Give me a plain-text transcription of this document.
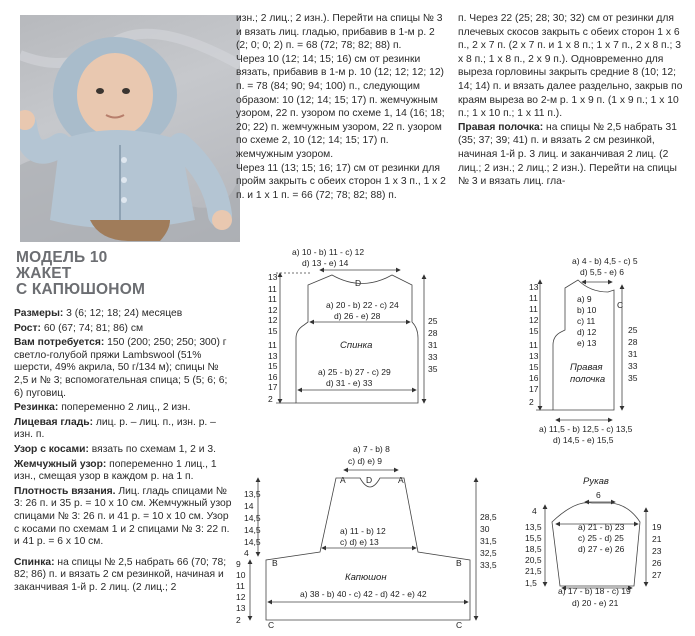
МОДЕЛЬ 10
ЖАКЕТ
С КАПЮШОНОМ

Размеры: 3 (6; 12; 18; 24) месяцев

Рост: 60 (67; 74; 81; 86) см

Вам потребуется: 150 (200; 250; 250; 300) г светло-голубой пряжи Lambswool (51% шерсти, 49% акрила, 50 г/134 м); спицы № 2,5 и № 3; вспомогательная спица; 5 (5; 6; 6; 6) пуговиц.

Резинка: попеременно 2 лиц., 2 изн.

Лицевая гладь: лиц. р. – лиц. п., изн. р. – изн. п.

Узор с косами: вязать по схемам 1, 2 и 3.

Жемчужный узор: попеременно 1 лиц., 1 изн., смещая узор в каждом р. на 1 п.

Плотность вязания. Лиц. гладь спицами № 3: 26 п. и 35 р. = 10 х 10 см. Жемчужный узор спицами № 3: 26 п. и 41 р. = 10 х 10 см. Узор с косами по схемам 1 и 2 спицами № 3: 22 п. и 41 р. = 6 х 10 см.

Спинка: на спицы № 2,5 набрать 66 (70; 78; 82; 86) п. и вязать 2 см резинкой, начиная и заканчивая 1-й р. 2 лиц. (2 лиц.; 2

изн.; 2 лиц.; 2 изн.). Перейти на спицы № 3 и вязать лиц. гладью, прибавив в 1-м р. 2 (2; 0; 0; 2) п. = 68 (72; 78; 82; 88) п.
Через 10 (12; 14; 15; 16) см от резинки вязать, прибавив в 1-м р. 10 (12; 12; 12; 12) п. = 78 (84; 90; 94; 100) п., следующим образом: 10 (12; 14; 15; 17) п. жемчужным узором, 22 п. узором по схеме 1, 14 (16; 18; 20; 22) п. жемчужным узором, 22 п. узором по схеме 2, 10 (12; 14; 15; 17) п. жемчужным узором.
Через 11 (13; 15; 16; 17) см от резинки для пройм закрыть с обеих сторон 1 х 3 п., 1 х 2 п. и 1 х 1 п. = 66 (72; 78; 82; 88) п.

п. Через 22 (25; 28; 30; 32) см от резинки для плечевых скосов закрыть с обеих сторон 1 х 6 п., 2 х 7 п. (2 х 7 п. и 1 х 8 п.; 1 х 7 п., 2 х 8 п.; 3 х 8 п.; 1 х 8 п., 2 х 9 п.). Одновременно для выреза горловины закрыть средние 8 (10; 12; 14; 14) п. и вязать далее раздельно, закрыв по краям выреза во 2-м р. 1 х 9 п. (1 х 9 п.; 1 х 10 п.; 1 х 10 п.; 1 х 11 п.).

Правая полочка: на спицы № 2,5 набрать 31 (35; 37; 39; 41) п. и вязать 2 см резинкой, начиная 1-й р. 3 лиц. и заканчивая 2 лиц. (2 лиц.; 2 изн.; 2 лиц.; 2 изн.). Перейти на спицы № 3 и вязать лиц. гла-

a) 10 - b) 11 - c) 12
d) 13 - e) 14
D
a) 20 - b) 22 - c) 24
d) 26 - e) 28
Спинка
a) 25 - b) 27 - c) 29
d) 31 - e) 33
13
11
11
12
12
15
11
13
15
16
17
2
25
28
31
33
35
a) 4 - b) 4,5 - c) 5
d) 5,5 - e) 6
C
a) 9
b) 10
c) 11
d) 12
e) 13
Правая
полочка
a) 11,5 - b) 12,5 - c) 13,5
d) 14,5 - e) 15,5
13
11
11
12
15
11
13
15
16
17
2
25
28
31
33
35
a) 7 - b) 8
c) d) e) 9
A	A
D
a) 11 - b) 12
c) d) e) 13
Капюшон
B	B
a) 38 - b) 40 - c) 42 - d) 42 - e) 42
C	C
13,5
14
14,5
14,5
14,5
4
9
10
11
12
13
2
28,5
30
31,5
32,5
33,5
Рукав
6
a) 21 - b) 23
c) 25 - d) 25
d) 27 - e) 26
a) 17 - b) 18 - c) 19
d) 20 - e) 21
4
13,5
15,5
18,5
20,5
21,5
1,5
19
21
23
26
27
